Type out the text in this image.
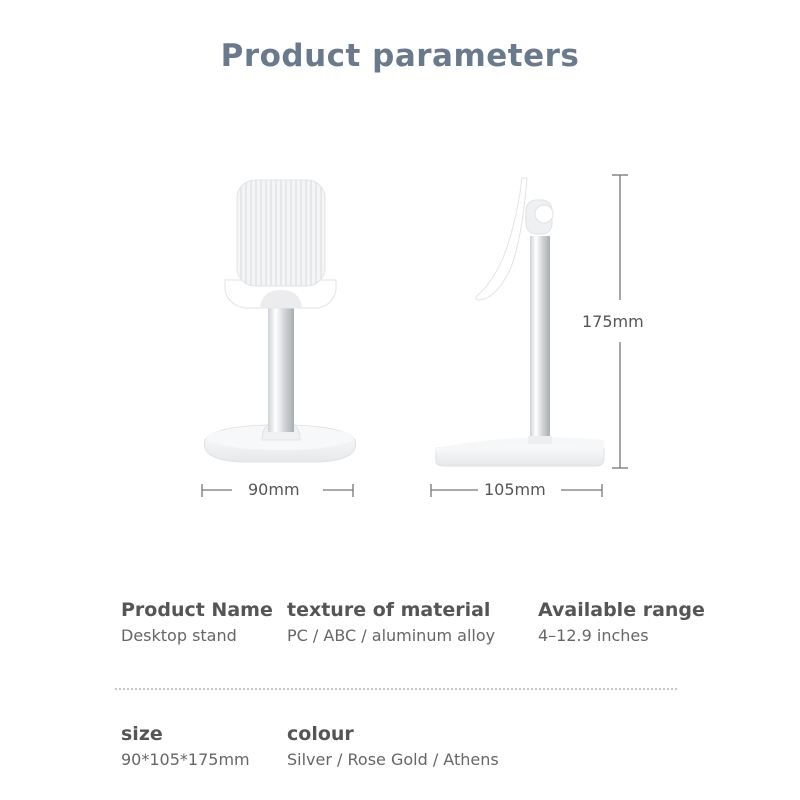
Product parameters
90mm	105mm
175mm
Product Name
Desktop stand
texture of material
PC / ABC / aluminum alloy
Available range
4–12.9 inches
size
90*105*175mm
colour
Silver / Rose Gold / Athens
